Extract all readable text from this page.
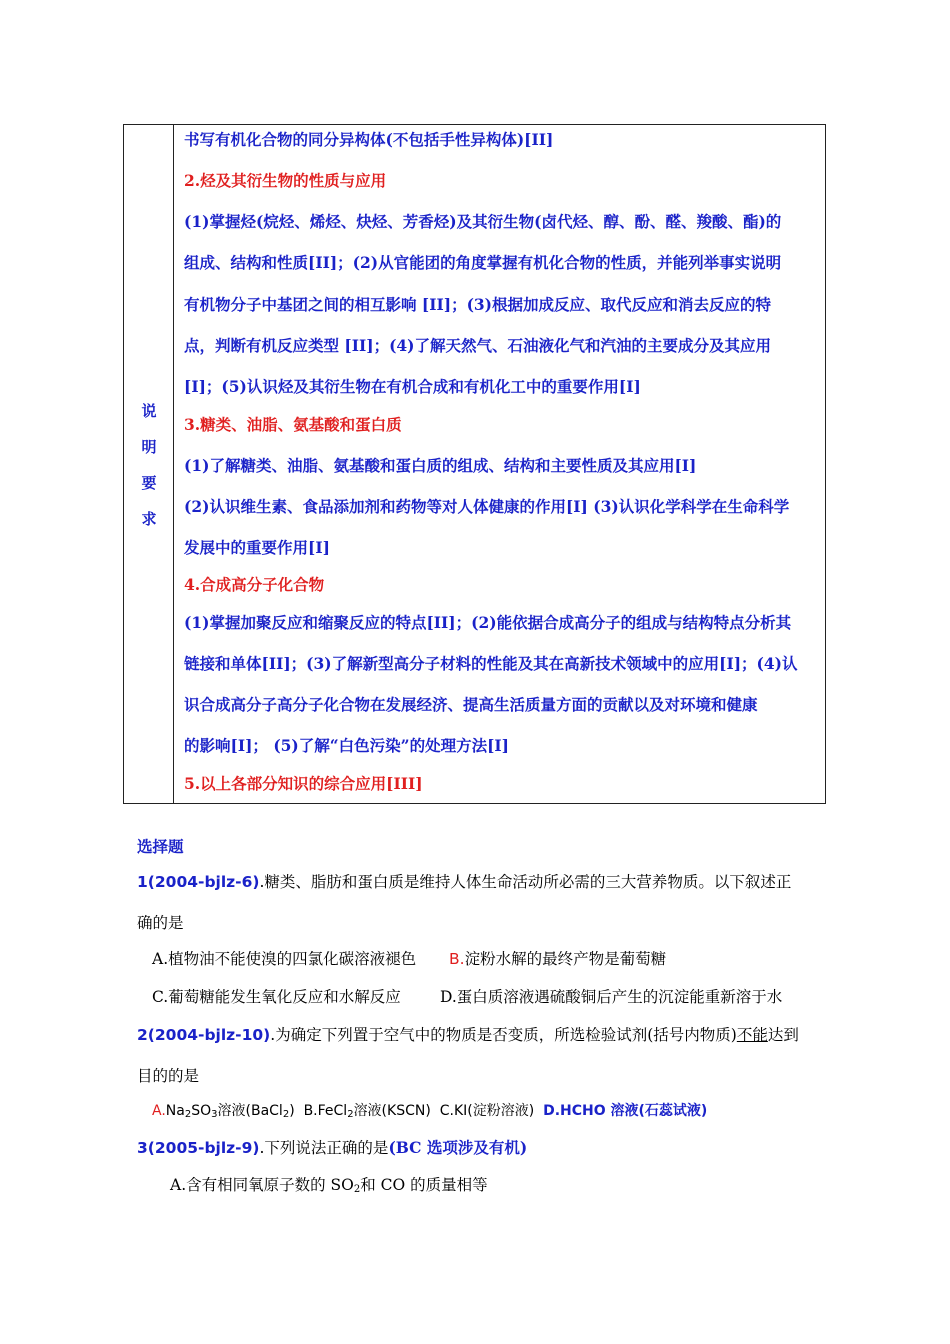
说
明
要
求
书写有机化合物的同分异构体(不包括手性异构体)[II]
2.烃及其衍生物的性质与应用
(1)掌握烃(烷烃、烯烃、炔烃、芳香烃)及其衍生物(卤代烃、醇、酚、醛、羧酸、酯)的
组成、结构和性质[II]；(2)从官能团的角度掌握有机化合物的性质，并能列举事实说明
有机物分子中基团之间的相互影响 [II]；(3)根据加成反应、取代反应和消去反应的特
点，判断有机反应类型 [II]；(4)了解天然气、石油液化气和汽油的主要成分及其应用
[I]；(5)认识烃及其衍生物在有机合成和有机化工中的重要作用[I]
3.糖类、油脂、氨基酸和蛋白质
(1)了解糖类、油脂、氨基酸和蛋白质的组成、结构和主要性质及其应用[I]
(2)认识维生素、食品添加剂和药物等对人体健康的作用[I] (3)认识化学科学在生命科学
发展中的重要作用[I]
4.合成高分子化合物
(1)掌握加聚反应和缩聚反应的特点[II]；(2)能依据合成高分子的组成与结构特点分析其
链接和单体[II]；(3)了解新型高分子材料的性能及其在高新技术领域中的应用[I]；(4)认
识合成高分子高分子化合物在发展经济、提高生活质量方面的贡献以及对环境和健康
的影响[I]； (5)了解“白色污染”的处理方法[I]
5.以上各部分知识的综合应用[III]
选择题
1(2004-bjlz-6).糖类、脂肪和蛋白质是维持人体生命活动所必需的三大营养物质。以下叙述正
确的是
A.植物油不能使溴的四氯化碳溶液褪色 B.淀粉水解的最终产物是葡萄糖
C.葡萄糖能发生氧化反应和水解反应	D.蛋白质溶液遇硫酸铜后产生的沉淀能重新溶于水
2(2004-bjlz-10).为确定下列置于空气中的物质是否变质，所选检验试剂(括号内物质)不能达到
目的的是
$A.Na_2SO_3$溶液(BaCl$_2$) B.FeCl$_2$溶液(KSCN) C.KI(淀粉溶液) D.HCHO 溶液(石蕊试液)
3(2005-bjlz-9).下列说法正确的是(BC 选项涉及有机)
A.含有相同氧原子数的 $SO_2$和 CO 的质量相等
